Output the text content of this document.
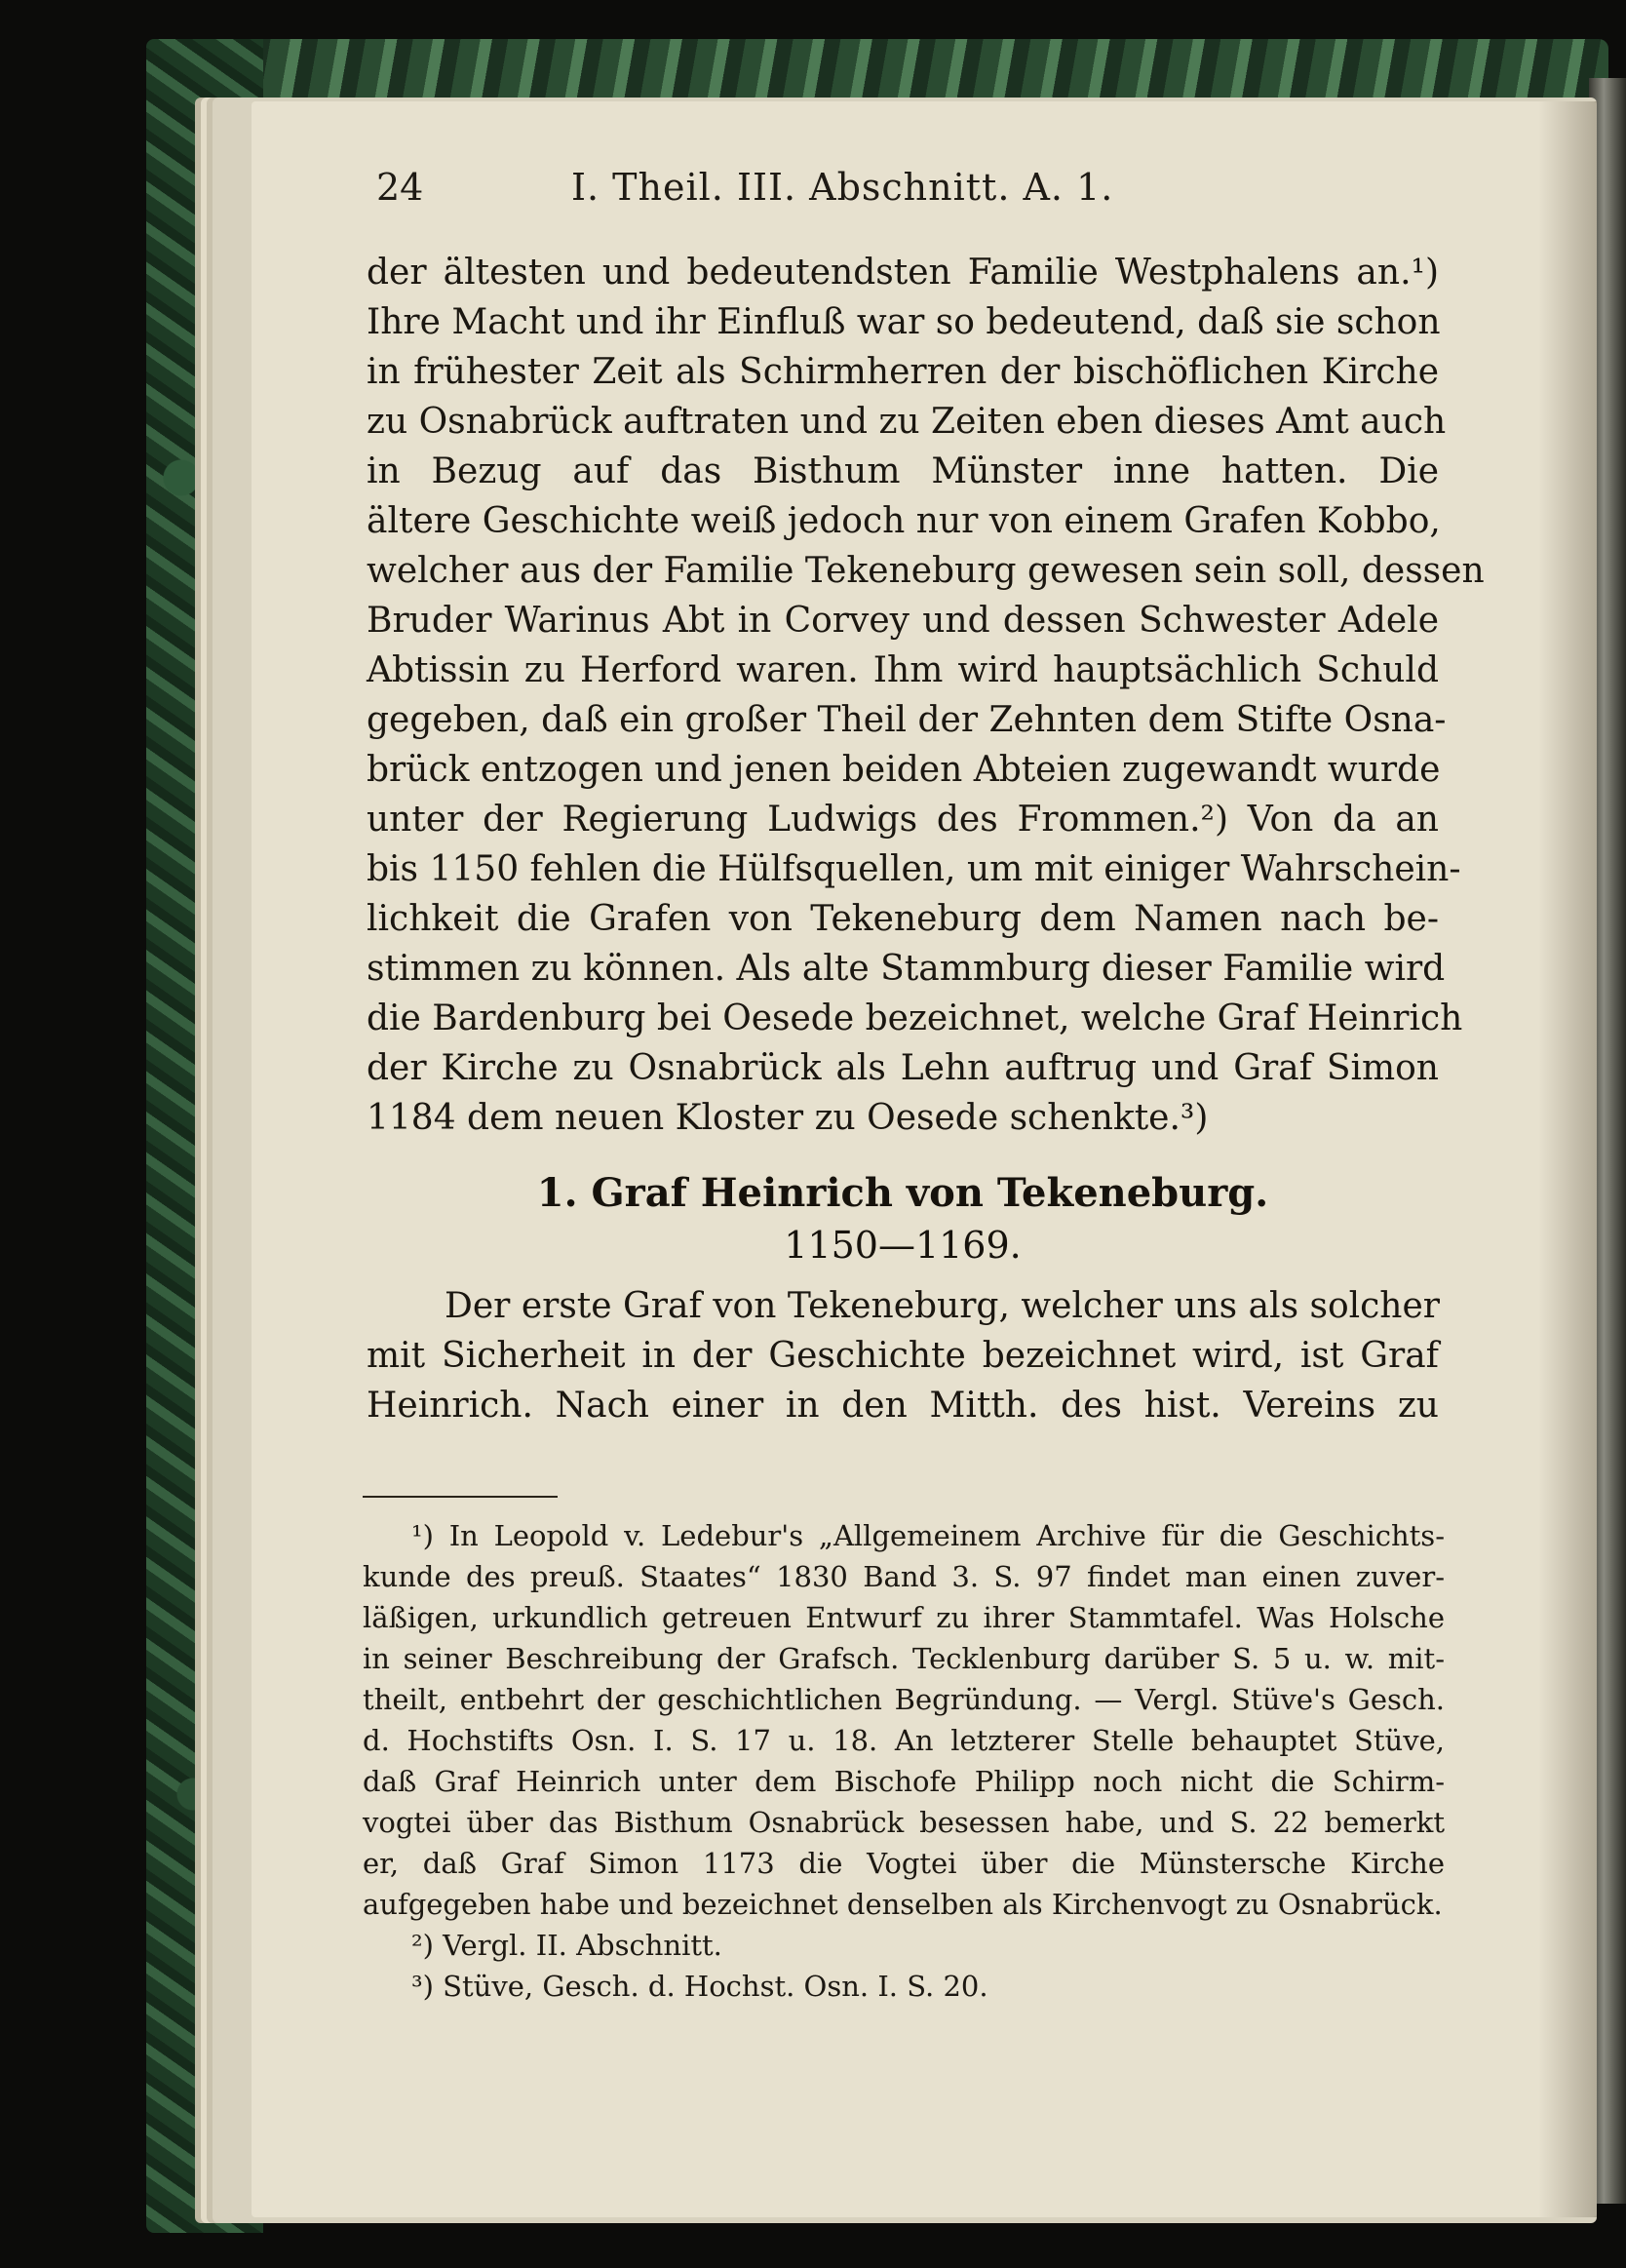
24	I. Theil. III. Abschnitt. A. 1.
der ältesten und bedeutendsten Familie Westphalens an.¹)
Ihre Macht und ihr Einfluß war so bedeutend, daß sie schon
in frühester Zeit als Schirmherren der bischöflichen Kirche
zu Osnabrück auftraten und zu Zeiten eben dieses Amt auch
in Bezug auf das Bisthum Münster inne hatten. Die
ältere Geschichte weiß jedoch nur von einem Grafen Kobbo,
welcher aus der Familie Tekeneburg gewesen sein soll, dessen
Bruder Warinus Abt in Corvey und dessen Schwester Adele
Abtissin zu Herford waren. Ihm wird hauptsächlich Schuld
gegeben, daß ein großer Theil der Zehnten dem Stifte Osna-
brück entzogen und jenen beiden Abteien zugewandt wurde
unter der Regierung Ludwigs des Frommen.²) Von da an
bis 1150 fehlen die Hülfsquellen, um mit einiger Wahrschein-
lichkeit die Grafen von Tekeneburg dem Namen nach be-
stimmen zu können. Als alte Stammburg dieser Familie wird
die Bardenburg bei Oesede bezeichnet, welche Graf Heinrich
der Kirche zu Osnabrück als Lehn auftrug und Graf Simon
1184 dem neuen Kloster zu Oesede schenkte.³)
1. Graf Heinrich von Tekeneburg.
1150—1169.
Der erste Graf von Tekeneburg, welcher uns als solcher
mit Sicherheit in der Geschichte bezeichnet wird, ist Graf
Heinrich. Nach einer in den Mitth. des hist. Vereins zu
¹) In Leopold v. Ledebur's „Allgemeinem Archive für die Geschichts-
kunde des preuß. Staates“ 1830 Band 3. S. 97 findet man einen zuver-
läßigen, urkundlich getreuen Entwurf zu ihrer Stammtafel. Was Holsche
in seiner Beschreibung der Grafsch. Tecklenburg darüber S. 5 u. w. mit-
theilt, entbehrt der geschichtlichen Begründung. — Vergl. Stüve's Gesch.
d. Hochstifts Osn. I. S. 17 u. 18. An letzterer Stelle behauptet Stüve,
daß Graf Heinrich unter dem Bischofe Philipp noch nicht die Schirm-
vogtei über das Bisthum Osnabrück besessen habe, und S. 22 bemerkt
er, daß Graf Simon 1173 die Vogtei über die Münstersche Kirche
aufgegeben habe und bezeichnet denselben als Kirchenvogt zu Osnabrück.
²) Vergl. II. Abschnitt.
³) Stüve, Gesch. d. Hochst. Osn. I. S. 20.
